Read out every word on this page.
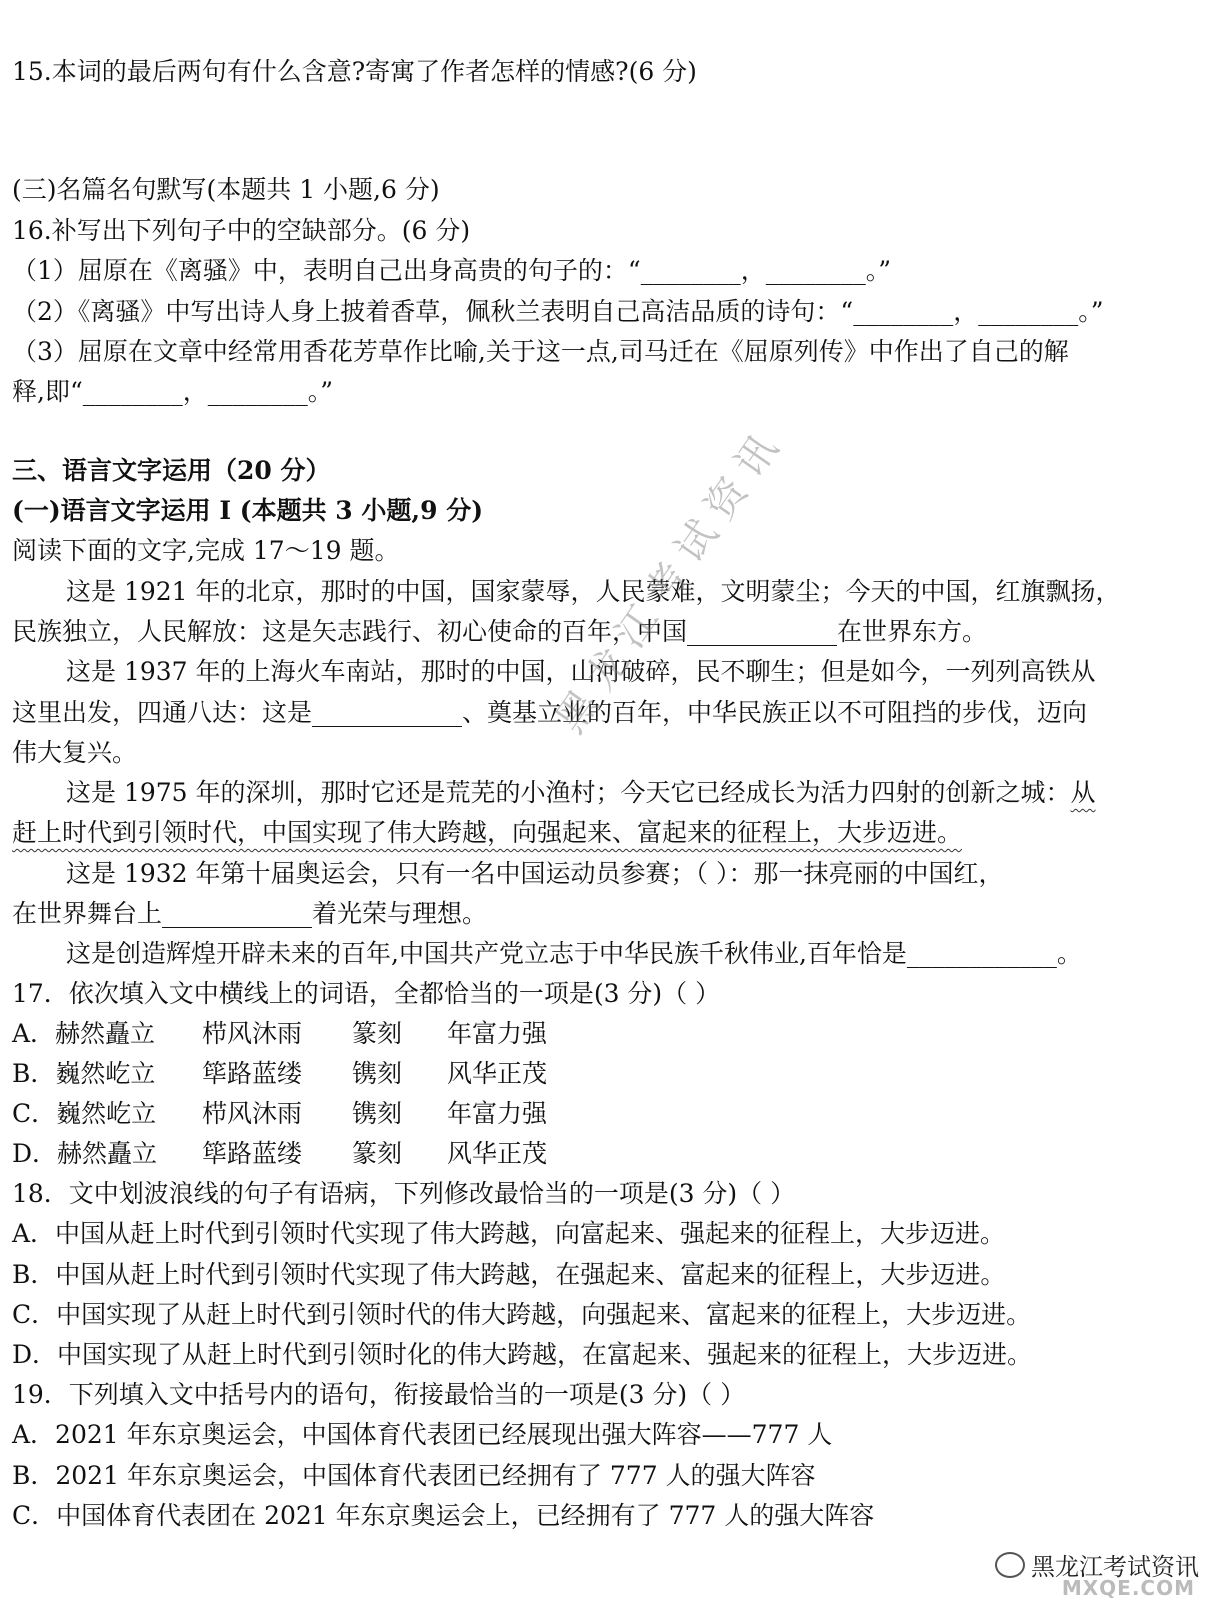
15.本词的最后两句有什么含意?寄寓了作者怎样的情感?(6 分)
(三)名篇名句默写(本题共 1 小题,6 分)
16.补写出下列句子中的空缺部分。(6 分)
（1）屈原在《离骚》中，表明自己出身高贵的句子的：“________，________。”
（2）《离骚》中写出诗人身上披着香草，佩秋兰表明自己高洁品质的诗句：“________，________。”
（3）屈原在文章中经常用香花芳草作比喻,关于这一点,司马迁在《屈原列传》中作出了自己的解
释,即“________，________。”
三、语言文字运用（20 分）
(一)语言文字运用 I (本题共 3 小题,9 分)
阅读下面的文字,完成 17～19 题。
这是 1921 年的北京，那时的中国，国家蒙辱，人民蒙难，文明蒙尘；今天的中国，红旗飘扬，
民族独立，人民解放：这是矢志践行、初心使命的百年，中国____________在世界东方。
这是 1937 年的上海火车南站，那时的中国，山河破碎，民不聊生；但是如今，一列列高铁从
这里出发，四通八达：这是____________、奠基立业的百年，中华民族正以不可阻挡的步伐，迈向
伟大复兴。
这是 1975 年的深圳，那时它还是荒芜的小渔村；今天它已经成长为活力四射的创新之城：从
赶上时代到引领时代，中国实现了伟大跨越，向强起来、富起来的征程上，大步迈进。
这是 1932 年第十届奥运会，只有一名中国运动员参赛；（ ）：那一抹亮丽的中国红，
在世界舞台上____________着光荣与理想。
这是创造辉煌开辟未来的百年,中国共产党立志于中华民族千秋伟业,百年恰是____________。
17．依次填入文中横线上的词语，全都恰当的一项是(3 分)（ ）
A．赫然矗立 栉风沐雨 篆刻 年富力强
B．巍然屹立 筚路蓝缕 镌刻 风华正茂
C．巍然屹立 栉风沐雨 镌刻 年富力强
D．赫然矗立 筚路蓝缕 篆刻 风华正茂
18．文中划波浪线的句子有语病，下列修改最恰当的一项是(3 分)（ ）
A．中国从赶上时代到引领时代实现了伟大跨越，向富起来、强起来的征程上，大步迈进。
B．中国从赶上时代到引领时代实现了伟大跨越，在强起来、富起来的征程上，大步迈进。
C．中国实现了从赶上时代到引领时代的伟大跨越，向强起来、富起来的征程上，大步迈进。
D．中国实现了从赶上时代到引领时化的伟大跨越，在富起来、强起来的征程上，大步迈进。
19．下列填入文中括号内的语句，衔接最恰当的一项是(3 分)（ ）
A．2021 年东京奥运会，中国体育代表团已经展现出强大阵容——777 人
B．2021 年东京奥运会，中国体育代表团已经拥有了 777 人的强大阵容
C．中国体育代表团在 2021 年东京奥运会上，已经拥有了 777 人的强大阵容
黑龙江考试资讯
黑龙江考试资讯
MXQE.COM
